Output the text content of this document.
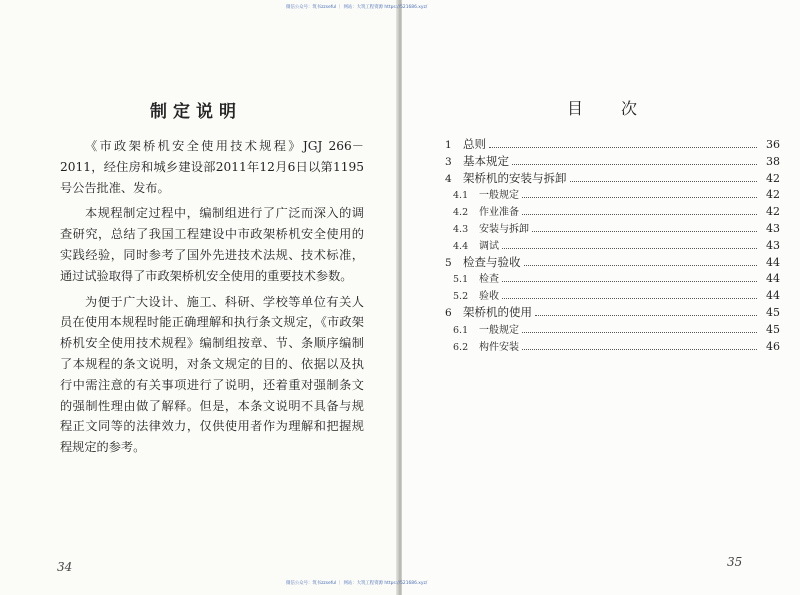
制定说明

《市政架桥机安全使用技术规程》JGJ 266－2011，经住房和城乡建设部2011年12月6日以第1195号公告批准、发布。

本规程制定过程中，编制组进行了广泛而深入的调查研究，总结了我国工程建设中市政架桥机安全使用的实践经验，同时参考了国外先进技术法规、技术标准，通过试验取得了市政架桥机安全使用的重要技术参数。

为便于广大设计、施工、科研、学校等单位有关人员在使用本规程时能正确理解和执行条文规定，《市政架桥机安全使用技术规程》编制组按章、节、条顺序编制了本规程的条文说明，对条文规定的目的、依据以及执行中需注意的有关事项进行了说明，还着重对强制条文的强制性理由做了解释。但是，本条文说明不具备与规程正文同等的法律效力，仅供使用者作为理解和把握规程规定的参考。

34
目次
1 总则	36
3 基本规定	38
4 架桥机的安装与拆卸	42
4.1	一般规定	42
4.2	作业准备	42
4.3	安装与拆卸	43
4.4	调试	43
5 检查与验收	44
5.1	检查	44
5.2	验收	44
6 架桥机的使用	45
6.1	一般规定	45
6.2	构件安装	46
35
微信公众号：筑书zzseful ｜ 网站：大筑工程资源 https://521686.xyz/
微信公众号：筑书zzseful ｜ 网站：大筑工程资源 https://521686.xyz/
